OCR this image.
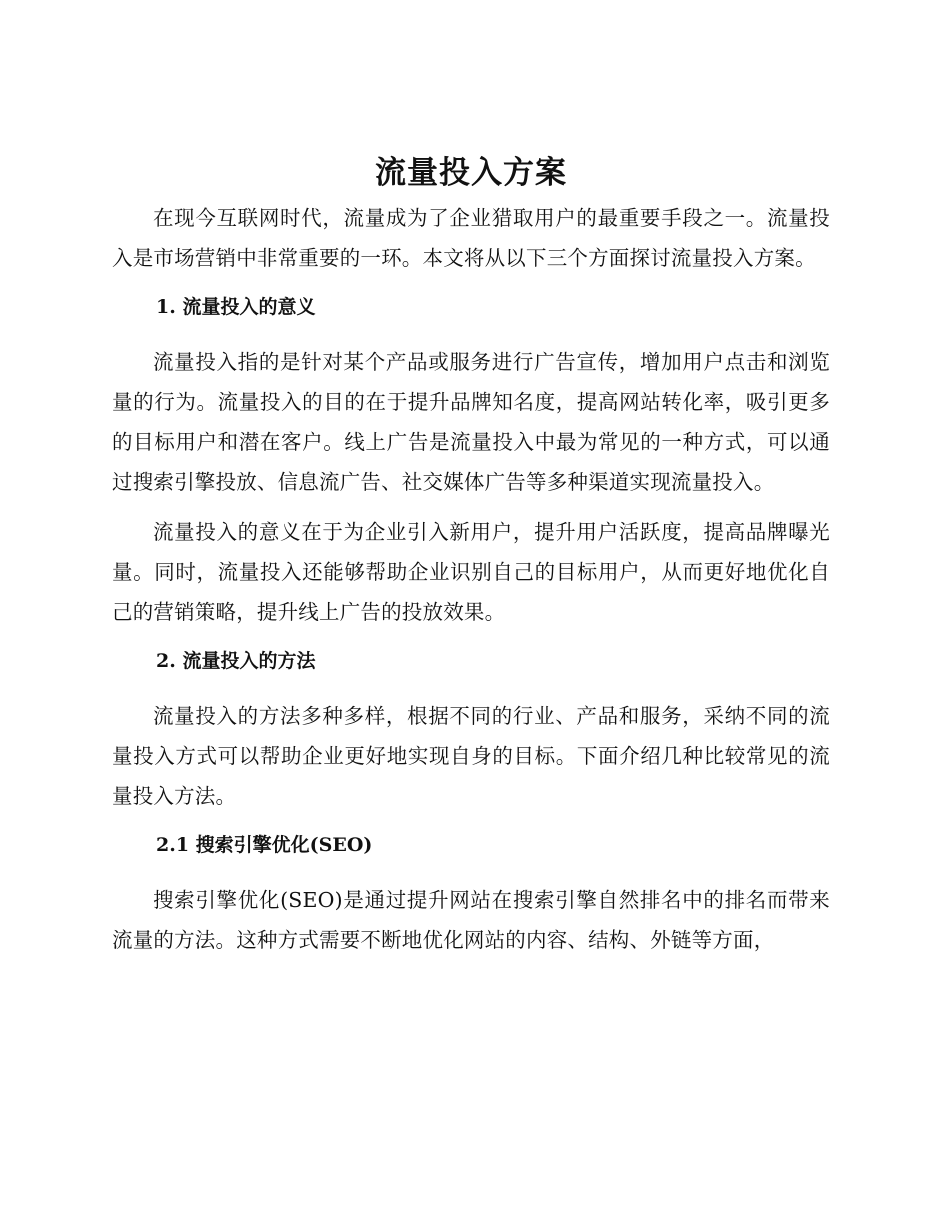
流量投入方案

在现今互联网时代，流量成为了企业猎取用户的最重要手段之一。流量投入是市场营销中非常重要的一环。本文将从以下三个方面探讨流量投入方案。

1. 流量投入的意义

流量投入指的是针对某个产品或服务进行广告宣传，增加用户点击和浏览量的行为。流量投入的目的在于提升品牌知名度，提高网站转化率，吸引更多的目标用户和潜在客户。线上广告是流量投入中最为常见的一种方式，可以通过搜索引擎投放、信息流广告、社交媒体广告等多种渠道实现流量投入。

流量投入的意义在于为企业引入新用户，提升用户活跃度，提高品牌曝光量。同时，流量投入还能够帮助企业识别自己的目标用户，从而更好地优化自己的营销策略，提升线上广告的投放效果。

2. 流量投入的方法

流量投入的方法多种多样，根据不同的行业、产品和服务，采纳不同的流量投入方式可以帮助企业更好地实现自身的目标。下面介绍几种比较常见的流量投入方法。

2.1 搜索引擎优化(SEO)

搜索引擎优化(SEO)是通过提升网站在搜索引擎自然排名中的排名而带来流量的方法。这种方式需要不断地优化网站的内容、结构、外链等方面，
